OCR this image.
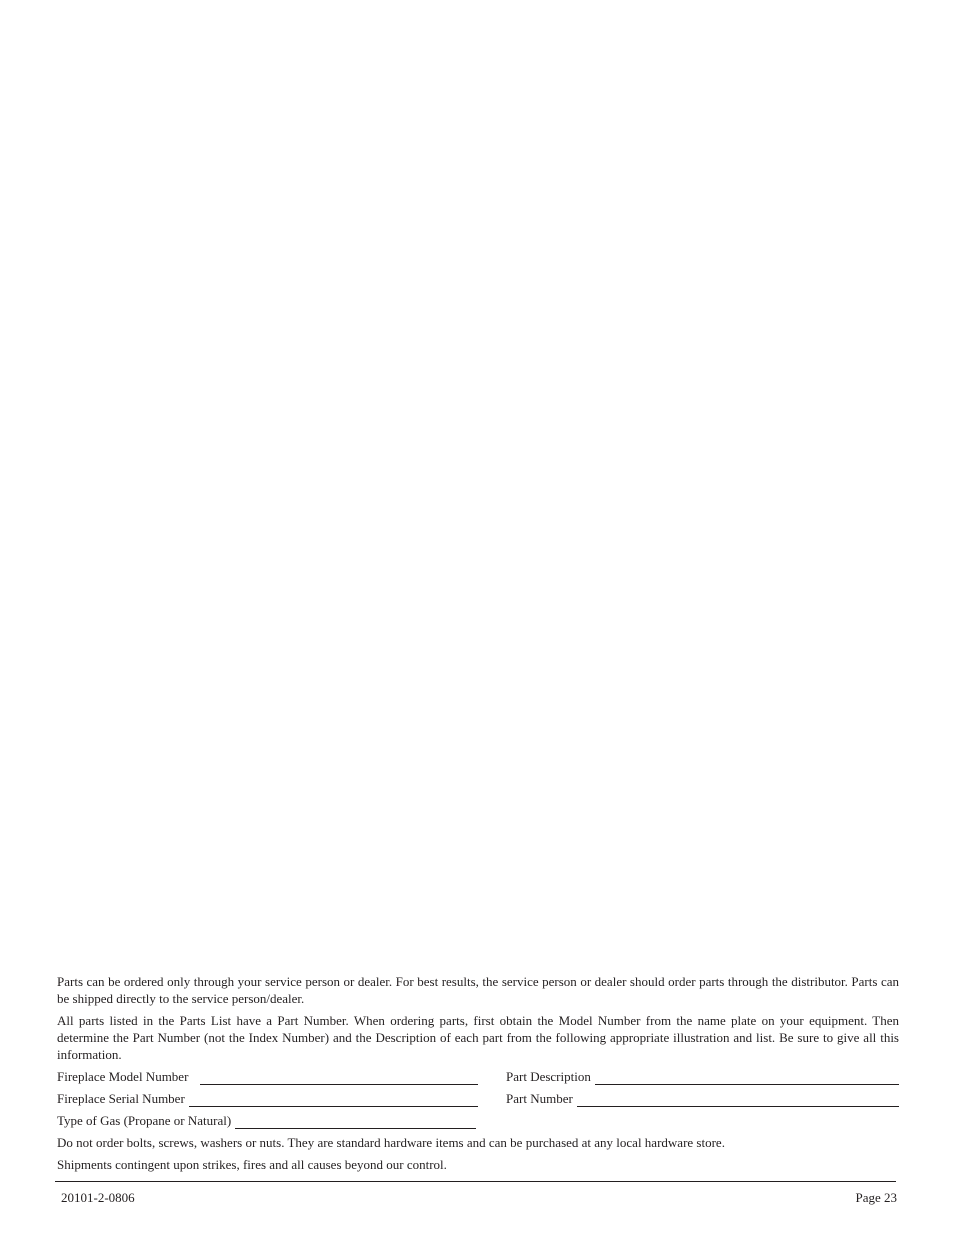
Parts can be ordered only through your service person or dealer. For best results, the service person or dealer should order parts through the distributor. Parts can be shipped directly to the service person/dealer.

All parts listed in the Parts List have a Part Number. When ordering parts, first obtain the Model Number from the name plate on your equipment. Then determine the Part Number (not the Index Number) and the Description of each part from the following appropriate illustration and list. Be sure to give all this information.

Fireplace Model Number	Part Description
Fireplace Serial Number	Part Number
Type of Gas (Propane or Natural)

Do not order bolts, screws, washers or nuts. They are standard hardware items and can be purchased at any local hardware store.

Shipments contingent upon strikes, fires and all causes beyond our control.

20101-2-0806	Page 23
